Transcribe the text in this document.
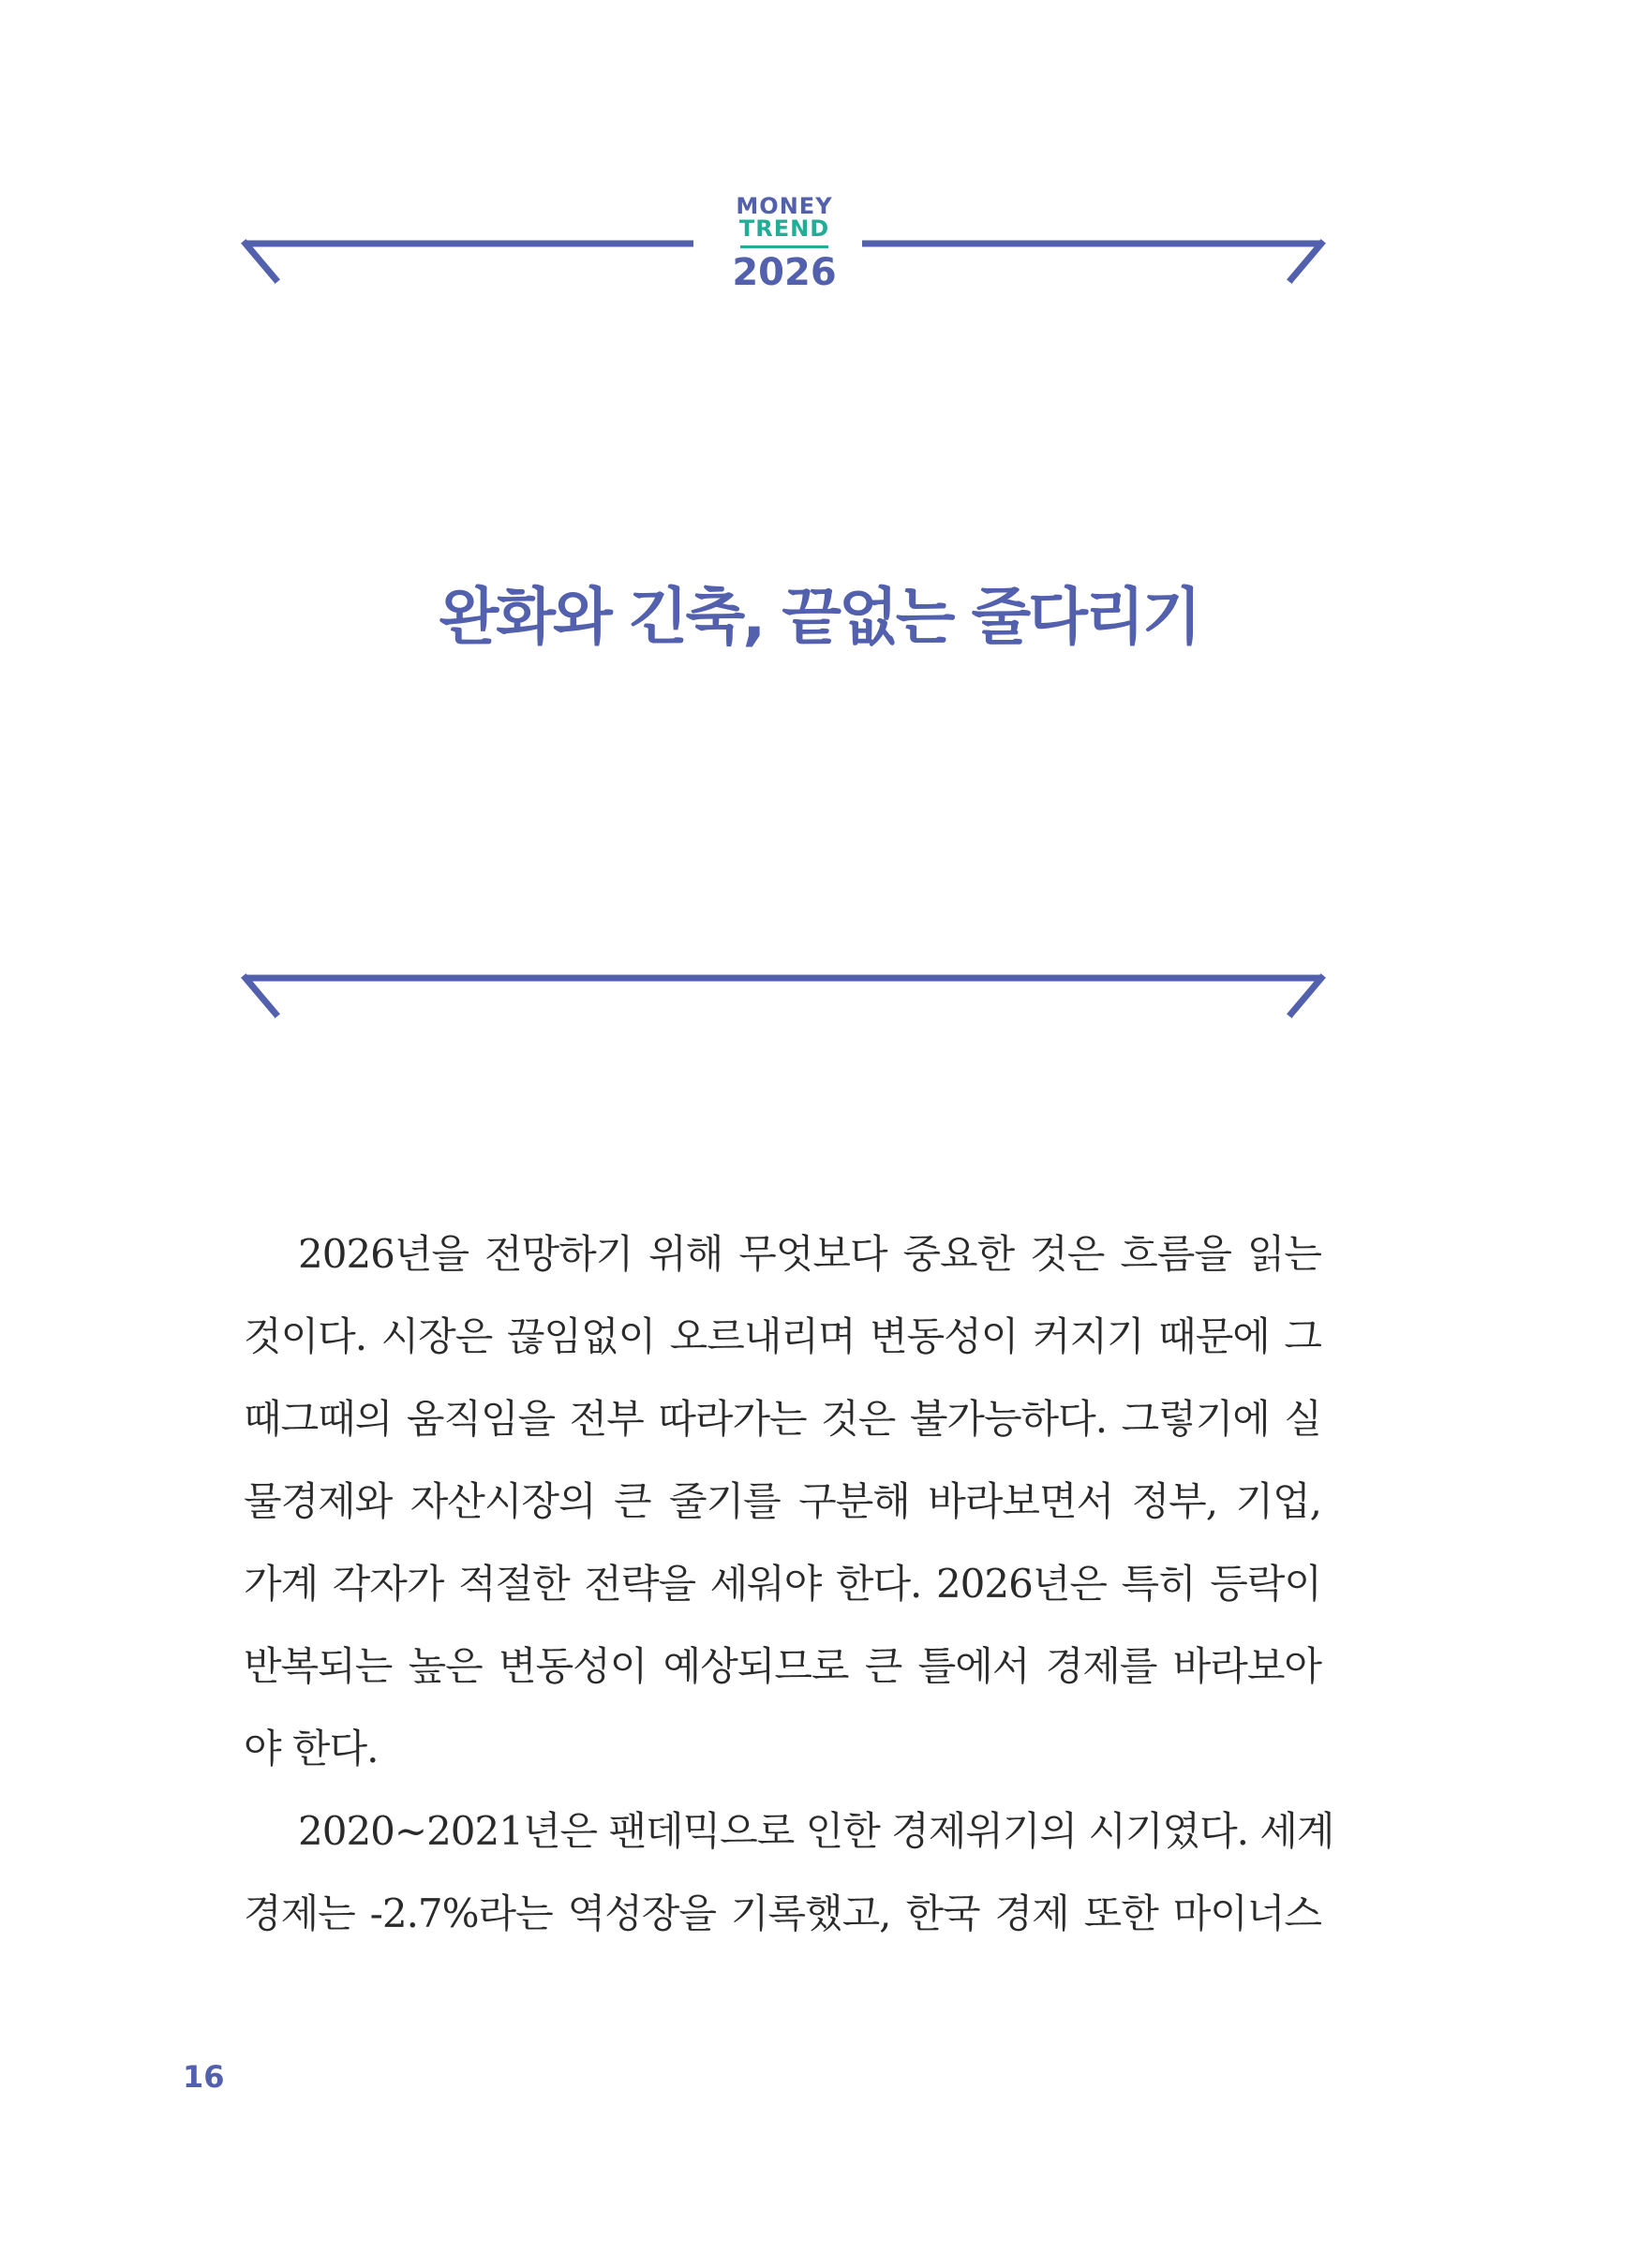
MONEY
TREND
2026
완화와 긴축, 끝없는 줄다리기
2026년을 전망하기 위해 무엇보다 중요한 것은 흐름을 읽는
것이다. 시장은 끊임없이 오르내리며 변동성이 커지기 때문에 그
때그때의 움직임을 전부 따라가는 것은 불가능하다. 그렇기에 실
물경제와 자산시장의 큰 줄기를 구분해 바라보면서 정부, 기업,
가계 각자가 적절한 전략을 세워야 한다. 2026년은 특히 등락이
반복되는 높은 변동성이 예상되므로 큰 틀에서 경제를 바라보아
야 한다.
2020~2021년은 팬데믹으로 인한 경제위기의 시기였다. 세계
경제는 -2.7%라는 역성장을 기록했고, 한국 경제 또한 마이너스
16
